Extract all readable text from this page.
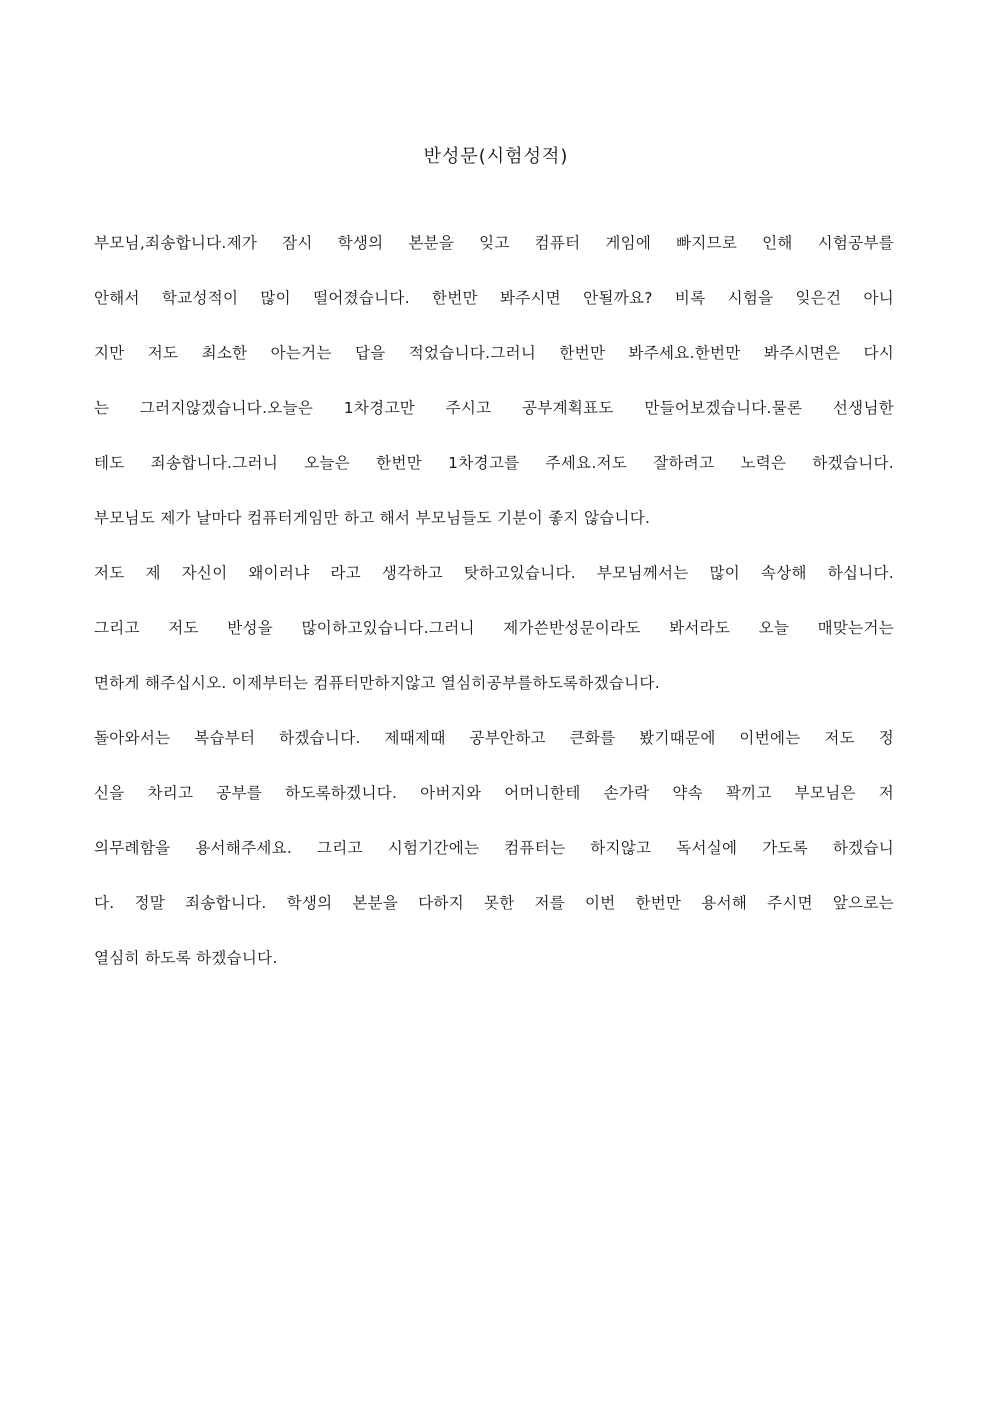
반성문(시험성적)
부모님,죄송합니다.제가 잠시 학생의 본분을 잊고 컴퓨터 게임에 빠지므로 인해 시험공부를
안해서 학교성적이 많이 떨어졌습니다. 한번만 봐주시면 안될까요? 비록 시험을 잊은건 아니
지만 저도 최소한 아는거는 답을 적었습니다.그러니 한번만 봐주세요.한번만 봐주시면은 다시
는 그러지않겠습니다.오늘은 1차경고만 주시고 공부계획표도 만들어보겠습니다.물론 선생님한
테도 죄송합니다.그러니 오늘은 한번만 1차경고를 주세요.저도 잘하려고 노력은 하겠습니다.
부모님도 제가 날마다 컴퓨터게임만 하고 해서 부모님들도 기분이 좋지 않습니다.
저도 제 자신이 왜이러냐 라고 생각하고 탓하고있습니다. 부모님께서는 많이 속상해 하십니다.
그리고 저도 반성을 많이하고있습니다.그러니 제가쓴반성문이라도 봐서라도 오늘 매맞는거는
면하게 해주십시오. 이제부터는 컴퓨터만하지않고 열심히공부를하도록하겠습니다.
돌아와서는 복습부터 하겠습니다. 제때제때 공부안하고 큰화를 봤기때문에 이번에는 저도 정
신을 차리고 공부를 하도록하겠니다. 아버지와 어머니한테 손가락 약속 꽉끼고 부모님은 저
의무례함을 용서해주세요. 그리고 시험기간에는 컴퓨터는 하지않고 독서실에 가도록 하겠습니
다. 정말 죄송합니다. 학생의 본분을 다하지 못한 저를 이번 한번만 용서해 주시면 앞으로는
열심히 하도록 하겠습니다.
